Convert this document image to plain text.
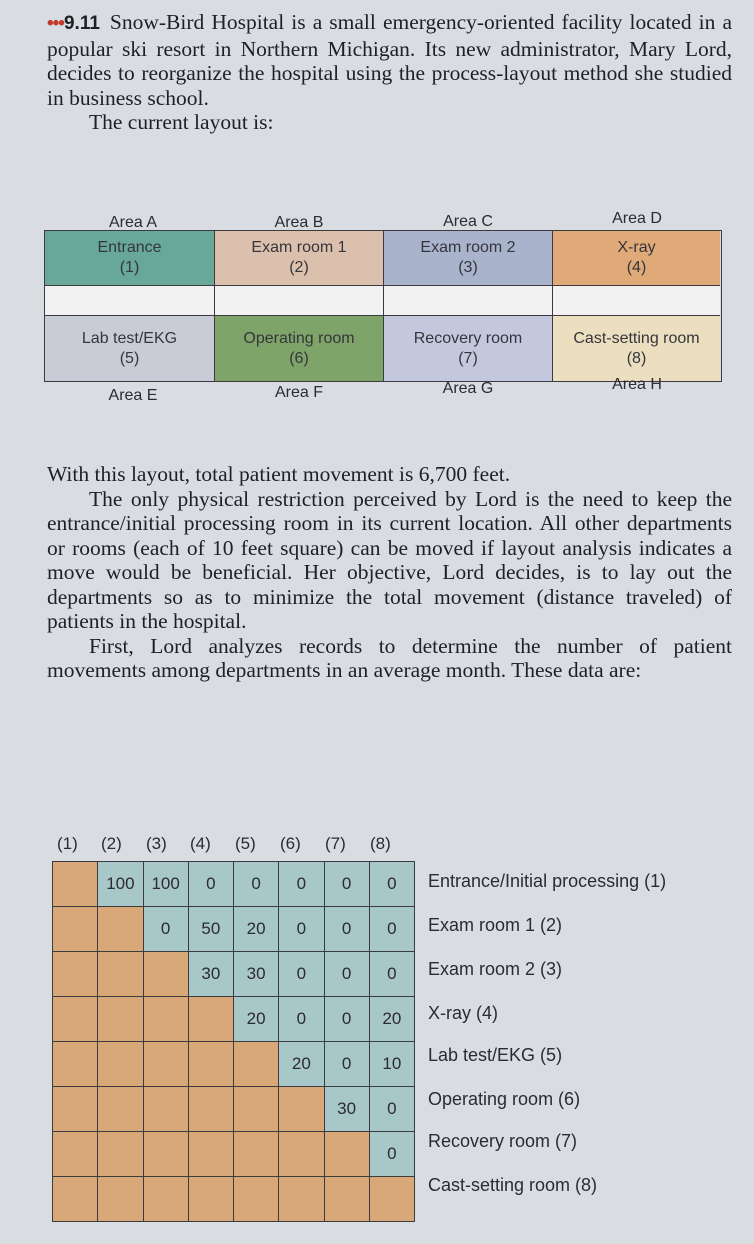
•••9.11 Snow-Bird Hospital is a small emergency-oriented facility located in a popular ski resort in Northern Michigan. Its new administrator, Mary Lord, decides to reorganize the hospital using the process-layout method she studied in business school.
The current layout is:

Area A	Area B	Area C	Area D
Entrance
(1)
Exam room 1
(2)
Exam room 2
(3)
X-ray
(4)
Lab test/EKG
(5)
Operating room
(6)
Recovery room
(7)
Cast-setting room
(8)
Area E	Area F	Area G	Area H

With this layout, total patient movement is 6,700 feet.
The only physical restriction perceived by Lord is the need to keep the entrance/initial processing room in its current location. All other departments or rooms (each of 10 feet square) can be moved if layout analysis indicates a move would be beneficial. Her objective, Lord decides, is to lay out the departments so as to minimize the total movement (distance traveled) of patients in the hospital.
First, Lord analyzes records to determine the number of patient movements among departments in an average month. These data are:

(1) (2) (3) (4) (5) (6) (7) (8)
	100	100	0	0	0	0	0
		0	50	20	0	0	0
			30	30	0	0	0
				20	0	0	20
					20	0	10
						30	0
							0

Entrance/Initial processing (1)
Exam room 1 (2)
Exam room 2 (3)
X-ray (4)
Lab test/EKG (5)
Operating room (6)
Recovery room (7)
Cast-setting room (8)
